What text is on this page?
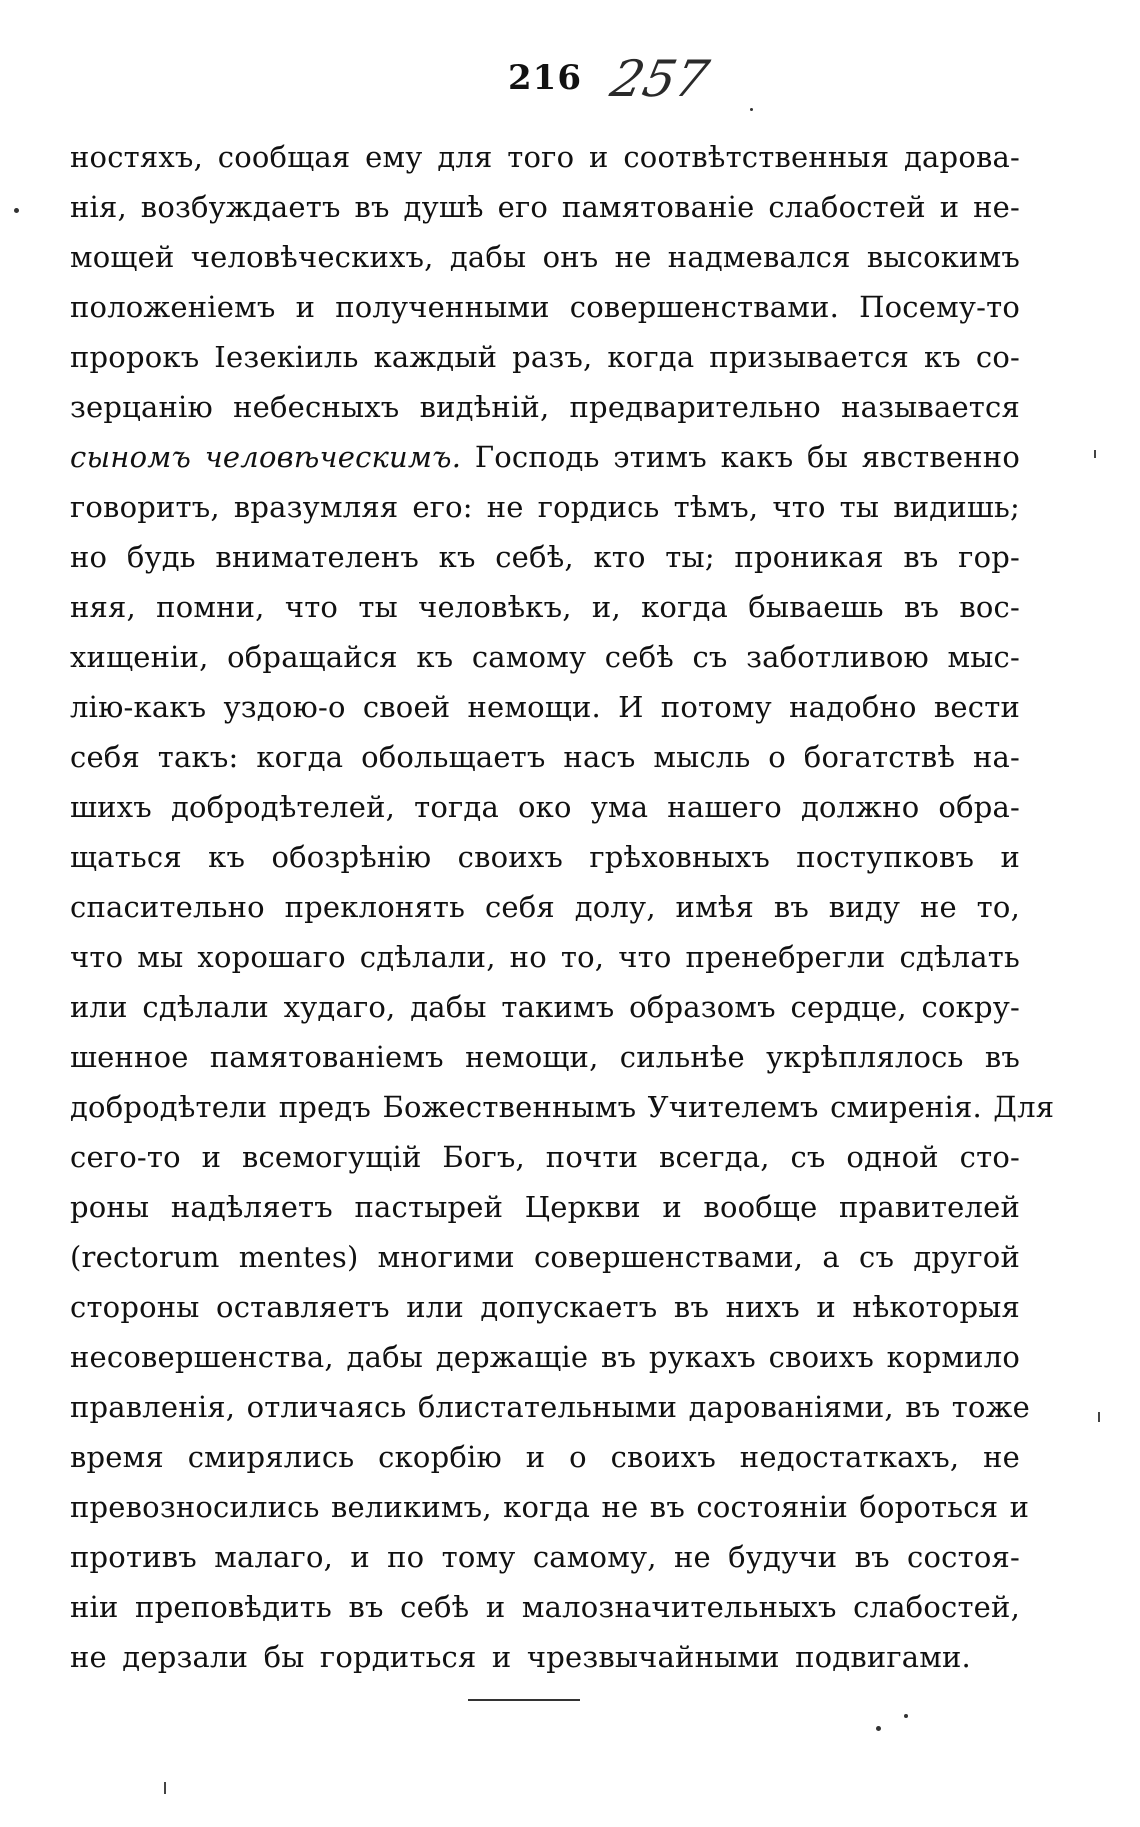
216 257
ностяхъ, сообщая ему для того и соотвѣтственныя дарова-
нія, возбуждаетъ въ душѣ его памятованіе слабостей и не-
мощей человѣческихъ, дабы онъ не надмевался высокимъ
положеніемъ и полученными совершенствами. Посему-то
пророкъ Іезекіиль каждый разъ, когда призывается къ со-
зерцанію небесныхъ видѣній, предварительно называется
сыномъ человѣческимъ. Господь этимъ какъ бы явственно
говоритъ, вразумляя его: не гордись тѣмъ, что ты видишь;
но будь внимателенъ къ себѣ, кто ты; проникая въ гор-
няя, помни, что ты человѣкъ, и, когда бываешь въ вос-
хищеніи, обращайся къ самому себѣ съ заботливою мыс-
лію-какъ уздою-о своей немощи. И потому надобно вести
себя такъ: когда обольщаетъ насъ мысль о богатствѣ на-
шихъ добродѣтелей, тогда око ума нашего должно обра-
щаться къ обозрѣнію своихъ грѣховныхъ поступковъ и
спасительно преклонять себя долу, имѣя въ виду не то,
что мы хорошаго сдѣлали, но то, что пренебрегли сдѣлать
или сдѣлали худаго, дабы такимъ образомъ сердце, сокру-
шенное памятованіемъ немощи, сильнѣе укрѣплялось въ
добродѣтели предъ Божественнымъ Учителемъ смиренія. Для
сего-то и всемогущій Богъ, почти всегда, съ одной сто-
роны надѣляетъ пастырей Церкви и вообще правителей
(rectorum mentes) многими совершенствами, а съ другой
стороны оставляетъ или допускаетъ въ нихъ и нѣкоторыя
несовершенства, дабы держащіе въ рукахъ своихъ кормило
правленія, отличаясь блистательными дарованіями, въ тоже
время смирялись скорбію и о своихъ недостаткахъ, не
превозносились великимъ, когда не въ состояніи бороться и
противъ малаго, и по тому самому, не будучи въ состоя-
ніи преповѣдить въ себѣ и малозначительныхъ слабостей,
не дерзали бы гордиться и чрезвычайными подвигами.
